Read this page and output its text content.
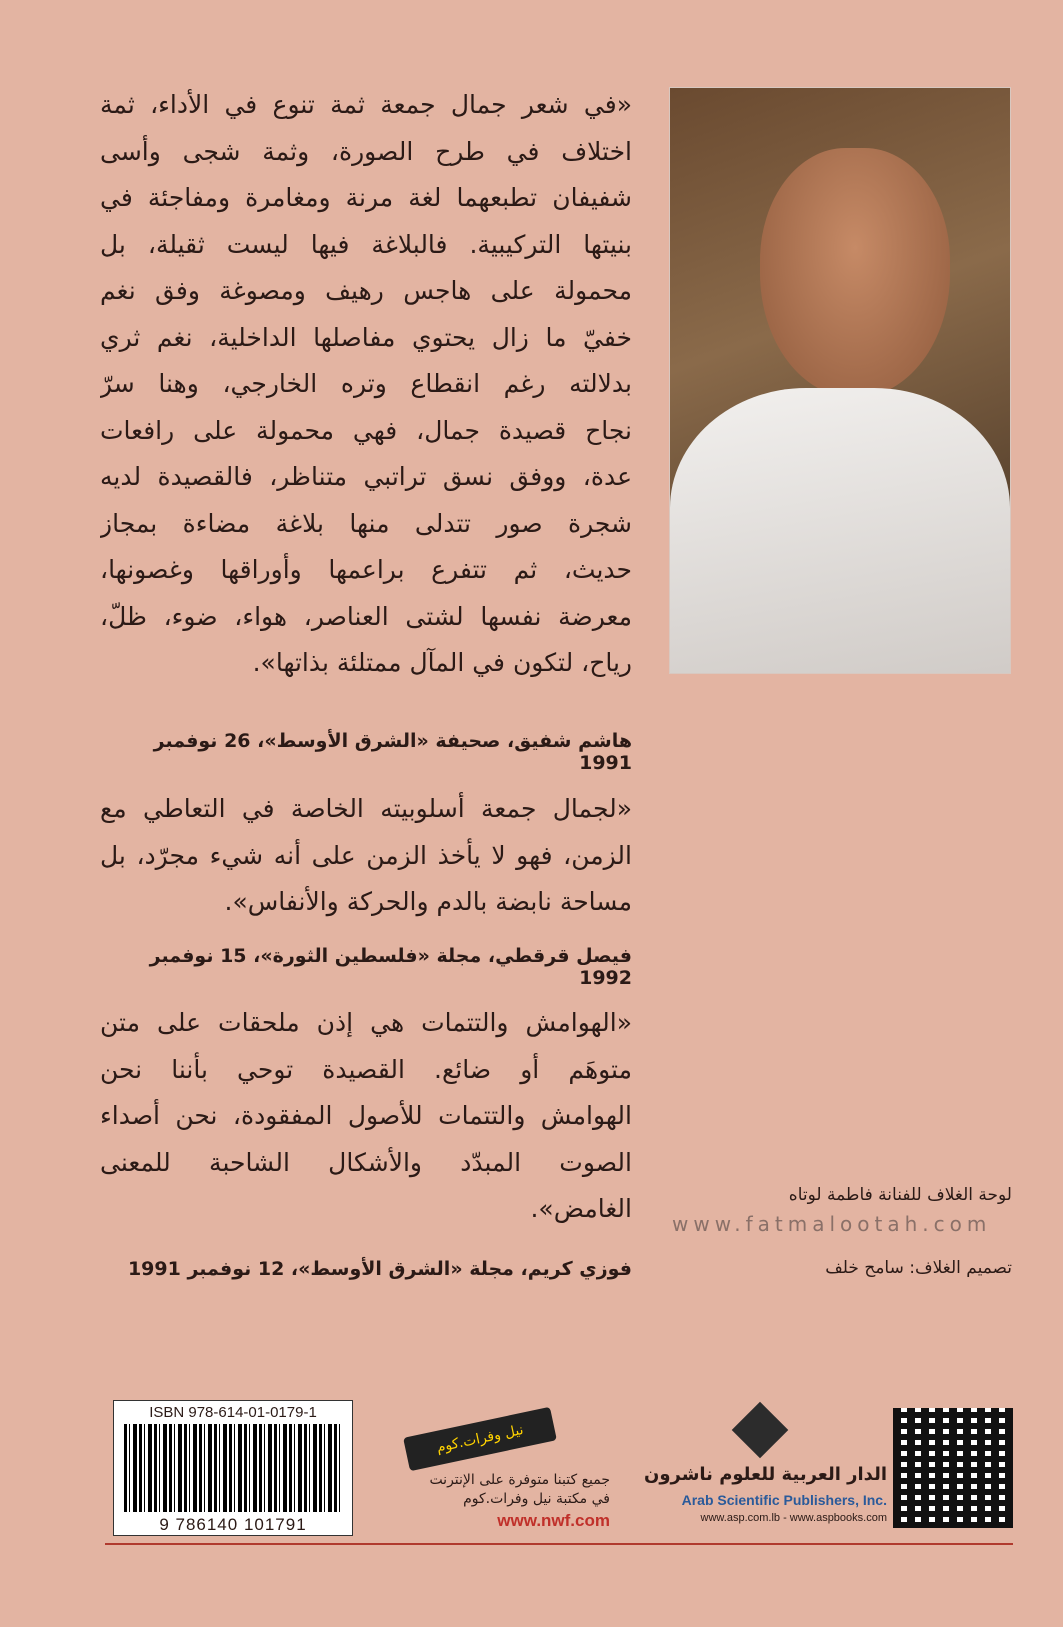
«في شعر جمال جمعة ثمة تنوع في الأداء، ثمة
اختلاف في طرح الصورة، وثمة شجى وأسى
شفيفان تطبعهما لغة مرنة ومغامرة ومفاجئة في
بنيتها التركيبية. فالبلاغة فيها ليست ثقيلة، بل
محمولة على هاجس رهيف ومصوغة وفق نغم
خفيّ ما زال يحتوي مفاصلها الداخلية، نغم ثري
بدلالته رغم انقطاع وتره الخارجي، وهنا سرّ
نجاح قصيدة جمال، فهي محمولة على رافعات
عدة، ووفق نسق تراتبي متناظر، فالقصيدة لديه
شجرة صور تتدلى منها بلاغة مضاءة بمجاز
حديث، ثم تتفرع براعمها وأوراقها وغصونها،
معرضة نفسها لشتى العناصر، هواء، ضوء، ظلّ،
رياح، لتكون في المآل ممتلئة بذاتها».
هاشم شفيق، صحيفة «الشرق الأوسط»، 26 نوفمبر 1991
«لجمال جمعة أسلوبيته الخاصة في التعاطي مع
الزمن، فهو لا يأخذ الزمن على أنه شيء مجرّد، بل
مساحة نابضة بالدم والحركة والأنفاس».
فيصل قرقطي، مجلة «فلسطين الثورة»، 15 نوفمبر 1992
«الهوامش والتتمات هي إذن ملحقات على متن
متوهَم أو ضائع. القصيدة توحي بأننا نحن
الهوامش والتتمات للأصول المفقودة، نحن أصداء
الصوت المبدّد والأشكال الشاحبة للمعنى
الغامض».
فوزي كريم، مجلة «الشرق الأوسط»، 12 نوفمبر 1991
لوحة الغلاف للفنانة فاطمة لوتاه
www.fatmalootah.com
تصميم الغلاف: سامح خلف
ISBN 978-614-01-0179-1
9 786140 101791
نيل وفرات.كوم
جميع كتبنا متوفرة على الإنترنت
في مكتبة نيل وفرات.كوم
www.nwf.com
الدار العربية للعلوم ناشرون
Arab Scientific Publishers, Inc.
www.asp.com.lb - www.aspbooks.com
